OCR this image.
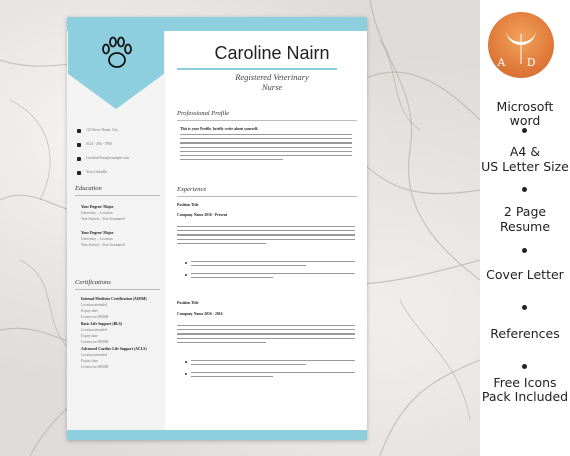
A D
Microsoft word
A4 &
US Letter Size
2 Page
Resume
Cover Letter
References
Free Icons
Pack Included
Caroline Nairn
Registered Veterinary
Nurse
123 Street Name, City
0123 - 456 - 7890
CarolineNairn@example.com
Your LinkedIn
Education
Your Degree/ Major
University – Location
Year Started – Year Graduated
Your Degree/ Major
University – Location
Year Started – Year Graduated
Certifications
Internal Medicine Certification (AIMM)
Location attended
Expiry date
License no 000000
Basic Life Support (BLS)
Location attended
Expiry date
License no 000000
Advanced Cardiac Life Support (ACLS)
Location attended
Expiry date
License no 000000
Professional Profile
This is your Profile, briefly write about yourself.
Experience
Position Title
Company Name 2016 - Present
Position Title
Company Name 2016 - 2016
